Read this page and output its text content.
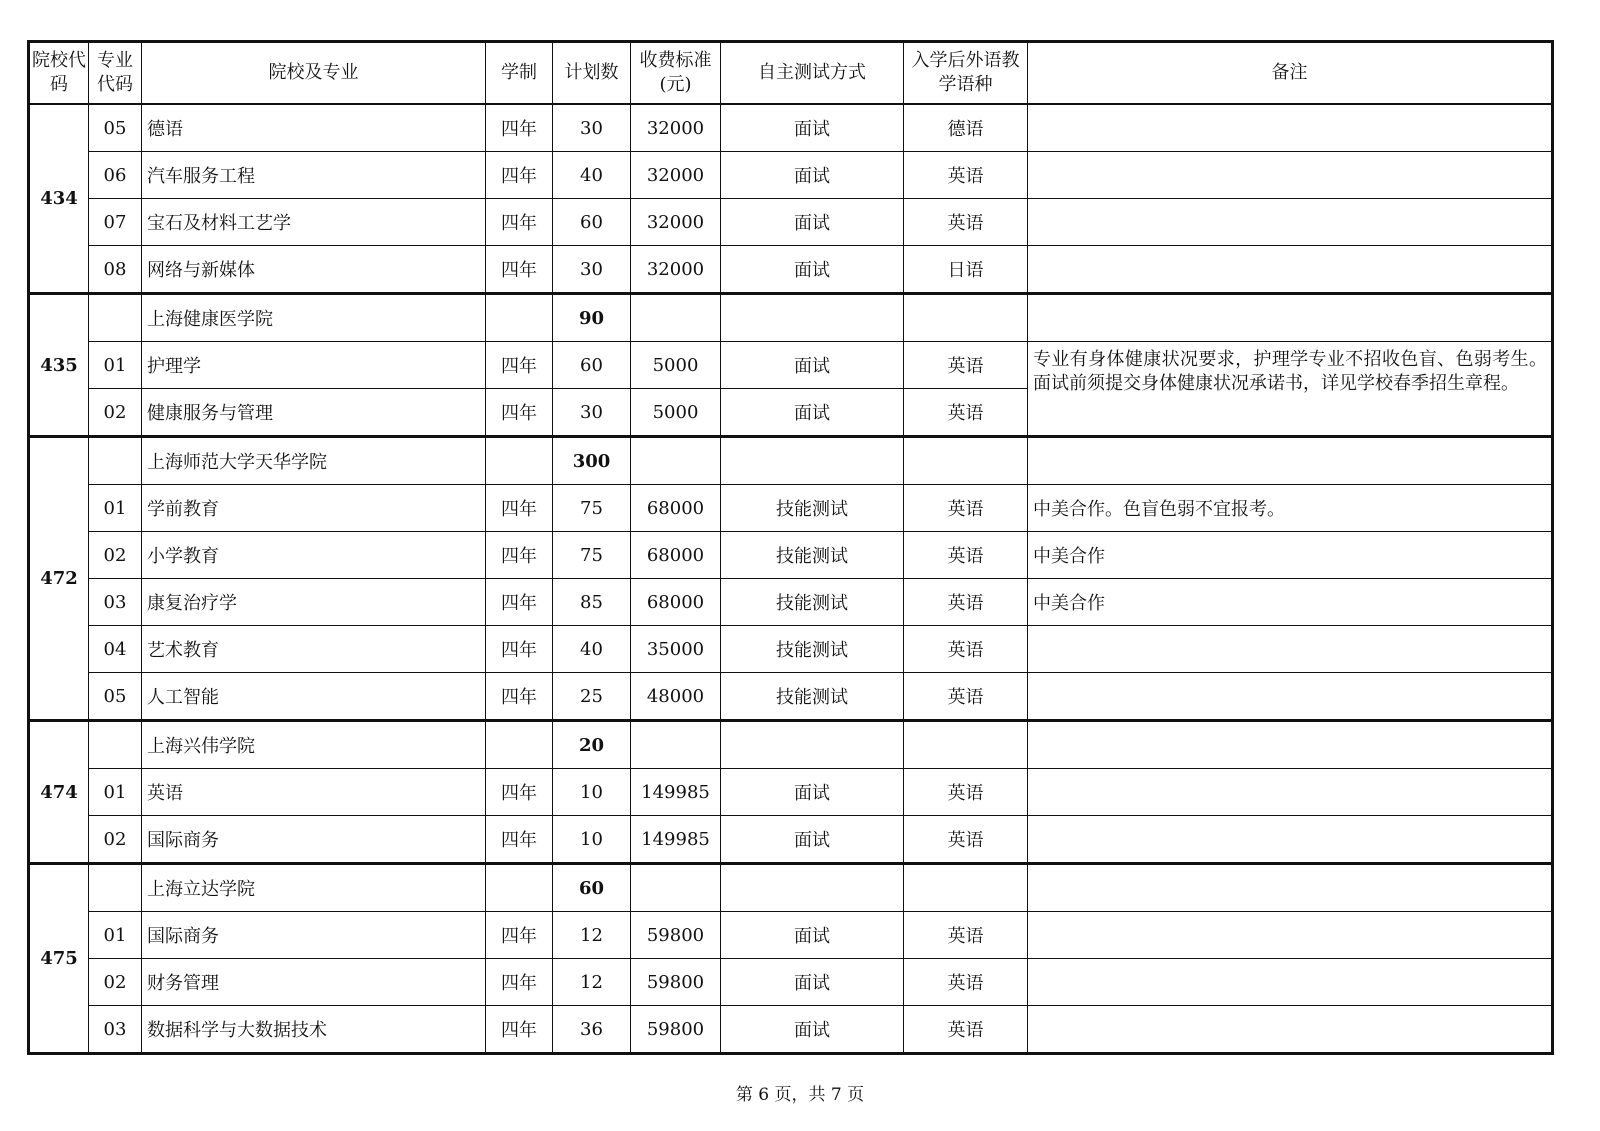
院校代码	专业代码	院校及专业	学制	计划数	收费标准(元)	自主测试方式	入学后外语教学语种	备注
434	05	德语	四年	30	32000	面试	德语	
	06	汽车服务工程	四年	40	32000	面试	英语	
	07	宝石及材料工艺学	四年	60	32000	面试	英语	
	08	网络与新媒体	四年	30	32000	面试	日语	
435		上海健康医学院		90				
	01	护理学	四年	60	5000	面试	英语	专业有身体健康状况要求，护理学专业不招收色盲、色弱考生。面试前须提交身体健康状况承诺书，详见学校春季招生章程。
	02	健康服务与管理	四年	30	5000	面试	英语	
472		上海师范大学天华学院		300				
	01	学前教育	四年	75	68000	技能测试	英语	中美合作。色盲色弱不宜报考。
	02	小学教育	四年	75	68000	技能测试	英语	中美合作
	03	康复治疗学	四年	85	68000	技能测试	英语	中美合作
	04	艺术教育	四年	40	35000	技能测试	英语	
	05	人工智能	四年	25	48000	技能测试	英语	
474		上海兴伟学院		20				
	01	英语	四年	10	149985	面试	英语	
	02	国际商务	四年	10	149985	面试	英语	
475		上海立达学院		60				
	01	国际商务	四年	12	59800	面试	英语	
	02	财务管理	四年	12	59800	面试	英语	
	03	数据科学与大数据技术	四年	36	59800	面试	英语	
第 6 页，共 7 页
